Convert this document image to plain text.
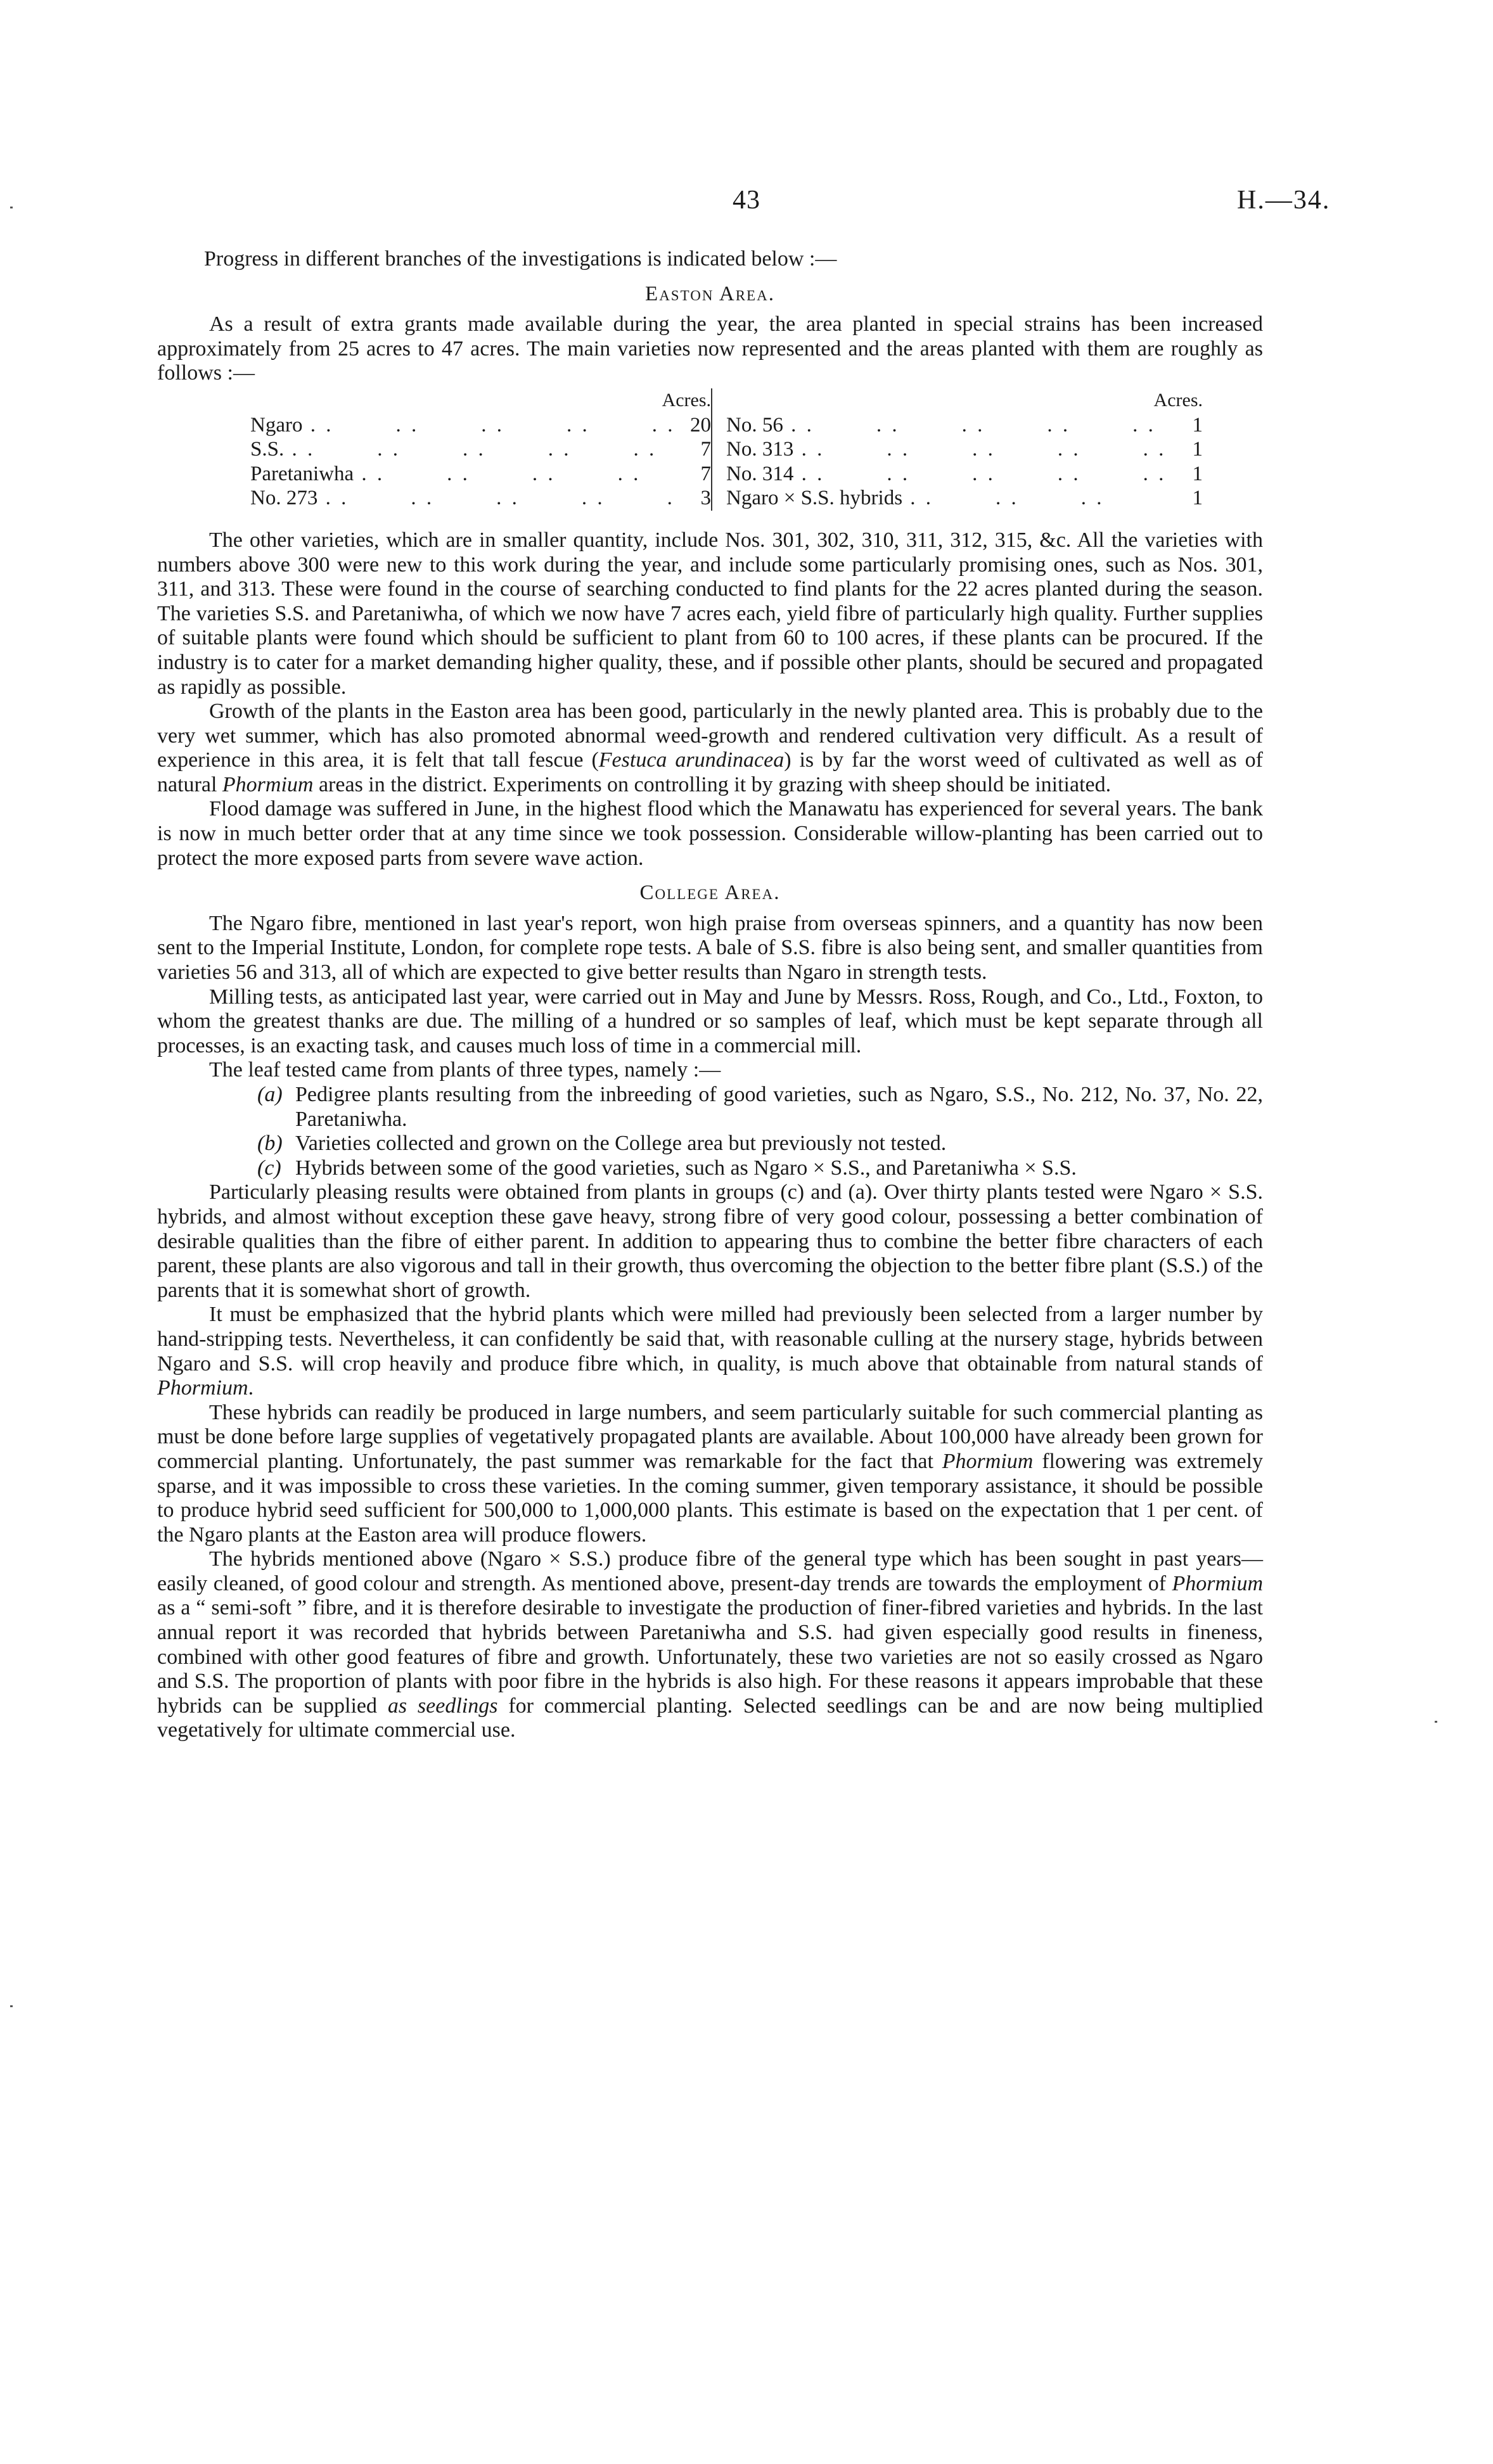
43	H.—34.

Progress in different branches of the investigations is indicated below :—

Easton Area.

As a result of extra grants made available during the year, the area planted in special strains has been increased approximately from 25 acres to 47 acres. The main varieties now represented and the areas planted with them are roughly as follows :—

Acres.
Ngaro . .	20
S.S. . .	7
Paretaniwha . .	7
No. 273 . .	3
Acres.
No. 56 . .	1
No. 313 . .	1
No. 314 . .	1
Ngaro × S.S. hybrids . .	1

The other varieties, which are in smaller quantity, include Nos. 301, 302, 310, 311, 312, 315, &c. All the varieties with numbers above 300 were new to this work during the year, and include some particularly promising ones, such as Nos. 301, 311, and 313. These were found in the course of searching conducted to find plants for the 22 acres planted during the season. The varieties S.S. and Paretaniwha, of which we now have 7 acres each, yield fibre of particularly high quality. Further supplies of suitable plants were found which should be sufficient to plant from 60 to 100 acres, if these plants can be procured. If the industry is to cater for a market demanding higher quality, these, and if possible other plants, should be secured and propagated as rapidly as possible.

Growth of the plants in the Easton area has been good, particularly in the newly planted area. This is probably due to the very wet summer, which has also promoted abnormal weed-growth and rendered cultivation very difficult. As a result of experience in this area, it is felt that tall fescue (Festuca arundinacea) is by far the worst weed of cultivated as well as of natural Phormium areas in the district. Experiments on controlling it by grazing with sheep should be initiated.

Flood damage was suffered in June, in the highest flood which the Manawatu has experienced for several years. The bank is now in much better order that at any time since we took possession. Considerable willow-planting has been carried out to protect the more exposed parts from severe wave action.

College Area.

The Ngaro fibre, mentioned in last year's report, won high praise from overseas spinners, and a quantity has now been sent to the Imperial Institute, London, for complete rope tests. A bale of S.S. fibre is also being sent, and smaller quantities from varieties 56 and 313, all of which are expected to give better results than Ngaro in strength tests.

Milling tests, as anticipated last year, were carried out in May and June by Messrs. Ross, Rough, and Co., Ltd., Foxton, to whom the greatest thanks are due. The milling of a hundred or so samples of leaf, which must be kept separate through all processes, is an exacting task, and causes much loss of time in a commercial mill.

The leaf tested came from plants of three types, namely :—

(a) Pedigree plants resulting from the inbreeding of good varieties, such as Ngaro, S.S., No. 212, No. 37, No. 22, Paretaniwha.
(b) Varieties collected and grown on the College area but previously not tested.
(c) Hybrids between some of the good varieties, such as Ngaro × S.S., and Paretaniwha × S.S.

Particularly pleasing results were obtained from plants in groups (c) and (a). Over thirty plants tested were Ngaro × S.S. hybrids, and almost without exception these gave heavy, strong fibre of very good colour, possessing a better combination of desirable qualities than the fibre of either parent. In addition to appearing thus to combine the better fibre characters of each parent, these plants are also vigorous and tall in their growth, thus overcoming the objection to the better fibre plant (S.S.) of the parents that it is somewhat short of growth.

It must be emphasized that the hybrid plants which were milled had previously been selected from a larger number by hand-stripping tests. Nevertheless, it can confidently be said that, with reasonable culling at the nursery stage, hybrids between Ngaro and S.S. will crop heavily and produce fibre which, in quality, is much above that obtainable from natural stands of Phormium.

These hybrids can readily be produced in large numbers, and seem particularly suitable for such commercial planting as must be done before large supplies of vegetatively propagated plants are available. About 100,000 have already been grown for commercial planting. Unfortunately, the past summer was remarkable for the fact that Phormium flowering was extremely sparse, and it was impossible to cross these varieties. In the coming summer, given temporary assistance, it should be possible to produce hybrid seed sufficient for 500,000 to 1,000,000 plants. This estimate is based on the expectation that 1 per cent. of the Ngaro plants at the Easton area will produce flowers.

The hybrids mentioned above (Ngaro × S.S.) produce fibre of the general type which has been sought in past years—easily cleaned, of good colour and strength. As mentioned above, present-day trends are towards the employment of Phormium as a “ semi-soft ” fibre, and it is therefore desirable to investigate the production of finer-fibred varieties and hybrids. In the last annual report it was recorded that hybrids between Paretaniwha and S.S. had given especially good results in fineness, combined with other good features of fibre and growth. Unfortunately, these two varieties are not so easily crossed as Ngaro and S.S. The proportion of plants with poor fibre in the hybrids is also high. For these reasons it appears improbable that these hybrids can be supplied as seedlings for commercial planting. Selected seedlings can be and are now being multiplied vegetatively for ultimate commercial use.
